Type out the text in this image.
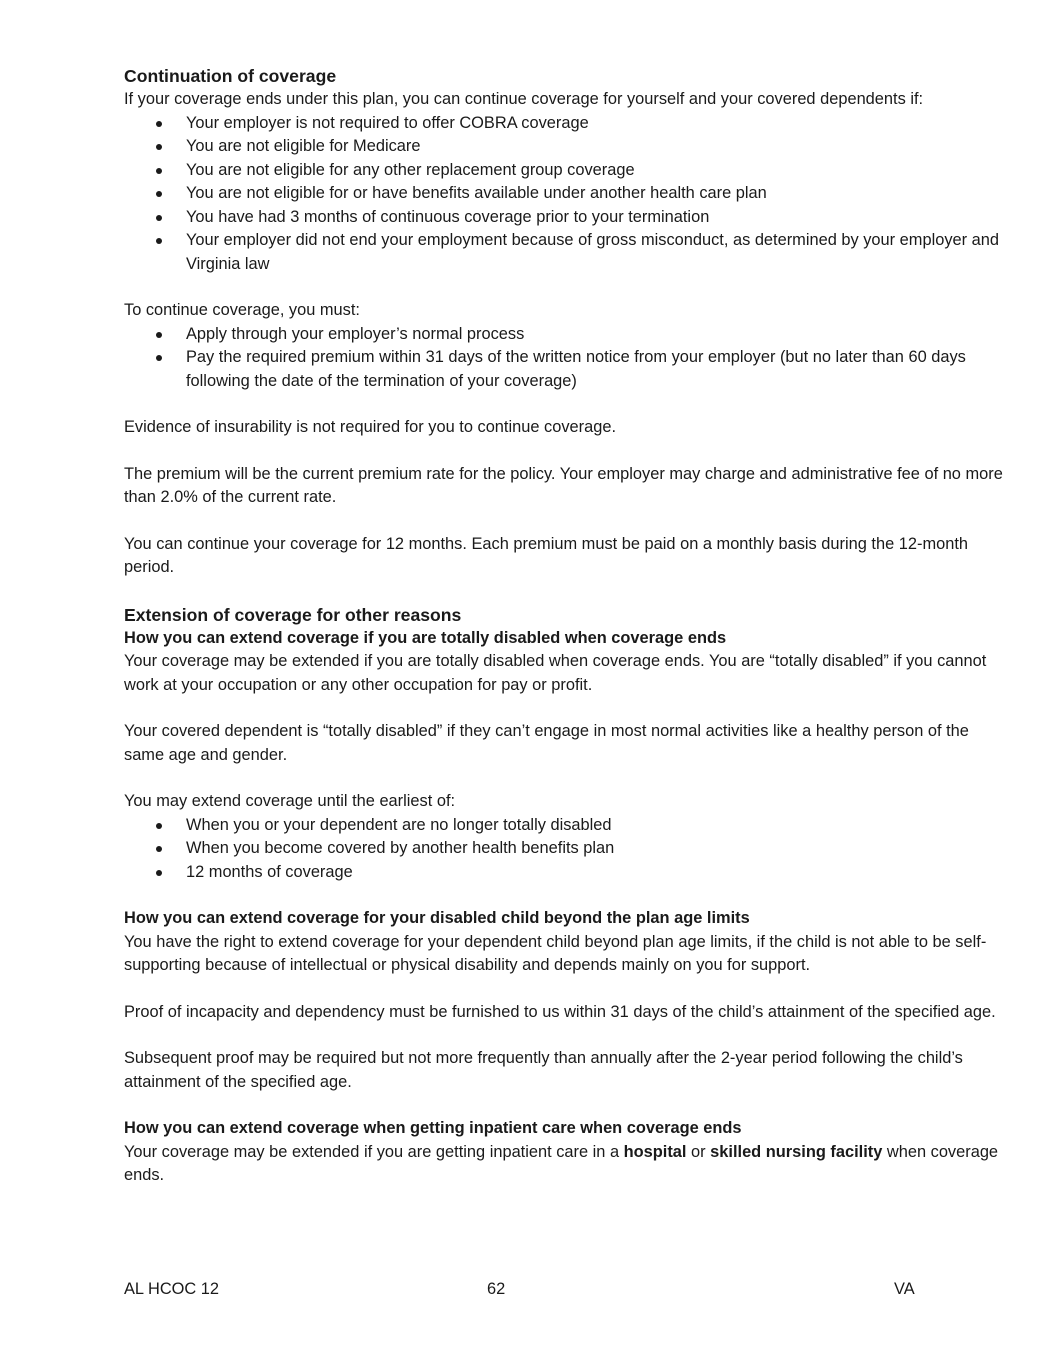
Continuation of coverage

If your coverage ends under this plan, you can continue coverage for yourself and your covered dependents if:

Your employer is not required to offer COBRA coverage
You are not eligible for Medicare
You are not eligible for any other replacement group coverage
You are not eligible for or have benefits available under another health care plan
You have had 3 months of continuous coverage prior to your termination
Your employer did not end your employment because of gross misconduct, as determined by your employer and Virginia law

To continue coverage, you must:

Apply through your employer’s normal process
Pay the required premium within 31 days of the written notice from your employer (but no later than 60 days following the date of the termination of your coverage)

Evidence of insurability is not required for you to continue coverage.

The premium will be the current premium rate for the policy. Your employer may charge and administrative fee of no more than 2.0% of the current rate.

You can continue your coverage for 12 months. Each premium must be paid on a monthly basis during the 12-month period.

Extension of coverage for other reasons

How you can extend coverage if you are totally disabled when coverage ends

Your coverage may be extended if you are totally disabled when coverage ends. You are “totally disabled” if you cannot work at your occupation or any other occupation for pay or profit.

Your covered dependent is “totally disabled” if they can’t engage in most normal activities like a healthy person of the same age and gender.

You may extend coverage until the earliest of:

When you or your dependent are no longer totally disabled
When you become covered by another health benefits plan
12 months of coverage

How you can extend coverage for your disabled child beyond the plan age limits

You have the right to extend coverage for your dependent child beyond plan age limits, if the child is not able to be self-supporting because of intellectual or physical disability and depends mainly on you for support.

Proof of incapacity and dependency must be furnished to us within 31 days of the child’s attainment of the specified age.

Subsequent proof may be required but not more frequently than annually after the 2-year period following the child’s attainment of the specified age.

How you can extend coverage when getting inpatient care when coverage ends

Your coverage may be extended if you are getting inpatient care in a hospital or skilled nursing facility when coverage ends.

AL HCOC 12	62	VA
